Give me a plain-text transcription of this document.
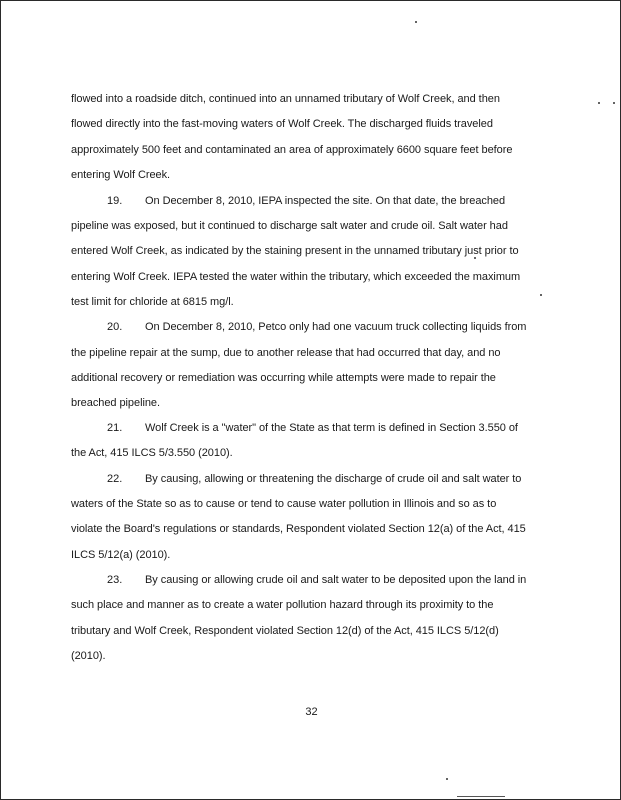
flowed into a roadside ditch, continued into an unnamed tributary of Wolf Creek, and then
flowed directly into the fast-moving waters of Wolf Creek. The discharged fluids traveled
approximately 500 feet and contaminated an area of approximately 6600 square feet before
entering Wolf Creek.
19. On December 8, 2010, IEPA inspected the site. On that date, the breached
pipeline was exposed, but it continued to discharge salt water and crude oil. Salt water had
entered Wolf Creek, as indicated by the staining present in the unnamed tributary just prior to
entering Wolf Creek. IEPA tested the water within the tributary, which exceeded the maximum
test limit for chloride at 6815 mg/l.
20. On December 8, 2010, Petco only had one vacuum truck collecting liquids from
the pipeline repair at the sump, due to another release that had occurred that day, and no
additional recovery or remediation was occurring while attempts were made to repair the
breached pipeline.
21. Wolf Creek is a "water" of the State as that term is defined in Section 3.550 of
the Act, 415 ILCS 5/3.550 (2010).
22. By causing, allowing or threatening the discharge of crude oil and salt water to
waters of the State so as to cause or tend to cause water pollution in Illinois and so as to
violate the Board's regulations or standards, Respondent violated Section 12(a) of the Act, 415
ILCS 5/12(a) (2010).
23. By causing or allowing crude oil and salt water to be deposited upon the land in
such place and manner as to create a water pollution hazard through its proximity to the
tributary and Wolf Creek, Respondent violated Section 12(d) of the Act, 415 ILCS 5/12(d)
(2010).
32
